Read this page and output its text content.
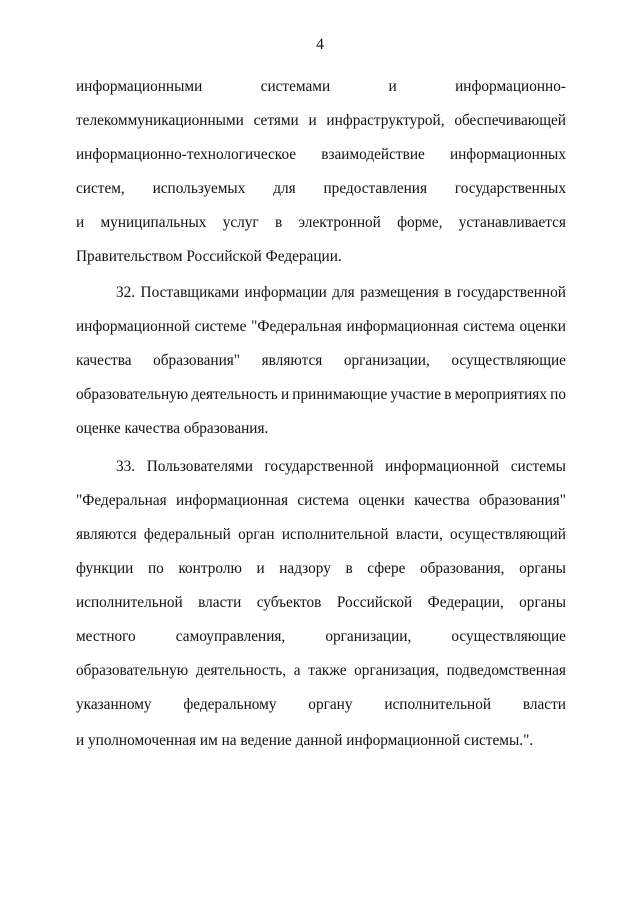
4
информационными	системами	и	информационно-
телекоммуникационными сетями и инфраструктурой, обеспечивающей
информационно-технологическое взаимодействие информационных
систем, используемых для предоставления государственных
и муниципальных услуг в электронной форме, устанавливается
Правительством Российской Федерации.
32. Поставщиками информации для размещения в государственной
информационной системе "Федеральная информационная система оценки
качества образования" являются организации, осуществляющие
образовательную деятельность и принимающие участие в мероприятиях по
оценке качества образования.
33. Пользователями государственной информационной системы
"Федеральная информационная система оценки качества образования"
являются федеральный орган исполнительной власти, осуществляющий
функции по контролю и надзору в сфере образования, органы
исполнительной власти субъектов Российской Федерации, органы
местного	самоуправления,	организации,	осуществляющие
образовательную деятельность, а также организация, подведомственная
указанному федеральному органу исполнительной власти
и уполномоченная им на ведение данной информационной системы.".
